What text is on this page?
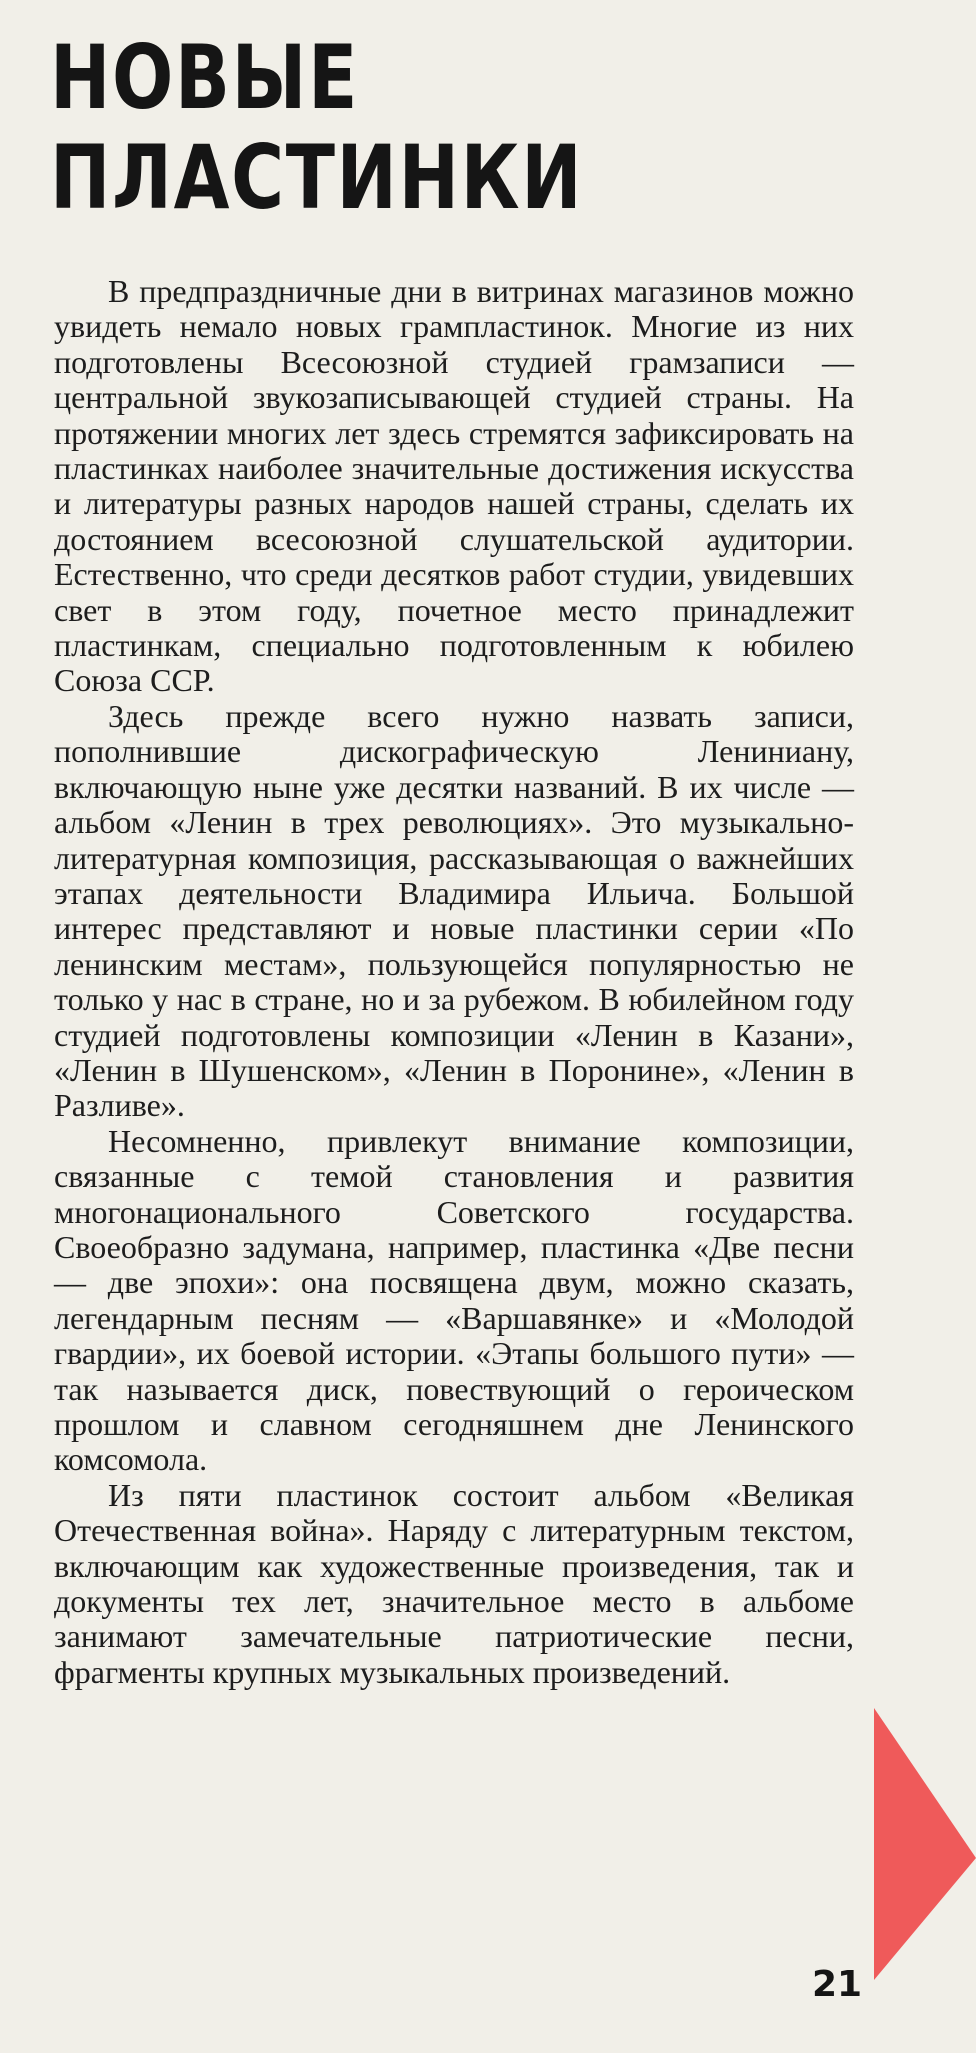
НОВЫЕ
ПЛАСТИНКИ

В предпраздничные дни в витринах магазинов можно увидеть немало новых грампластинок. Многие из них подготовлены Всесоюзной студией грамзаписи — центральной звукозаписывающей студией страны. На протяжении многих лет здесь стремятся зафиксировать на пластинках наиболее значительные достижения искусства и литературы разных народов нашей страны, сделать их достоянием всесоюзной слушательской аудитории. Естественно, что среди десятков работ студии, увидевших свет в этом году, почетное место принадлежит пластинкам, специально подготовленным к юбилею Союза ССР.

Здесь прежде всего нужно назвать записи, пополнившие дискографическую Лениниану, включающую ныне уже десятки названий. В их числе — альбом «Ленин в трех революциях». Это музыкально-литературная композиция, рассказывающая о важнейших этапах деятельности Владимира Ильича. Большой интерес представляют и новые пластинки серии «По ленинским местам», пользующейся популярностью не только у нас в стране, но и за рубежом. В юбилейном году студией подготовлены композиции «Ленин в Казани», «Ленин в Шушенском», «Ленин в Поронине», «Ленин в Разливе».

Несомненно, привлекут внимание композиции, связанные с темой становления и развития многонационального Советского государства. Своеобразно задумана, например, пластинка «Две песни — две эпохи»: она посвящена двум, можно сказать, легендарным песням — «Варшавянке» и «Молодой гвардии», их боевой истории. «Этапы большого пути» — так называется диск, повествующий о героическом прошлом и славном сегодняшнем дне Ленинского комсомола.

Из пяти пластинок состоит альбом «Великая Отечественная война». Наряду с литературным текстом, включающим как художественные произведения, так и документы тех лет, значительное место в альбоме занимают замечательные патриотические песни, фрагменты крупных музыкальных произведений.

21
